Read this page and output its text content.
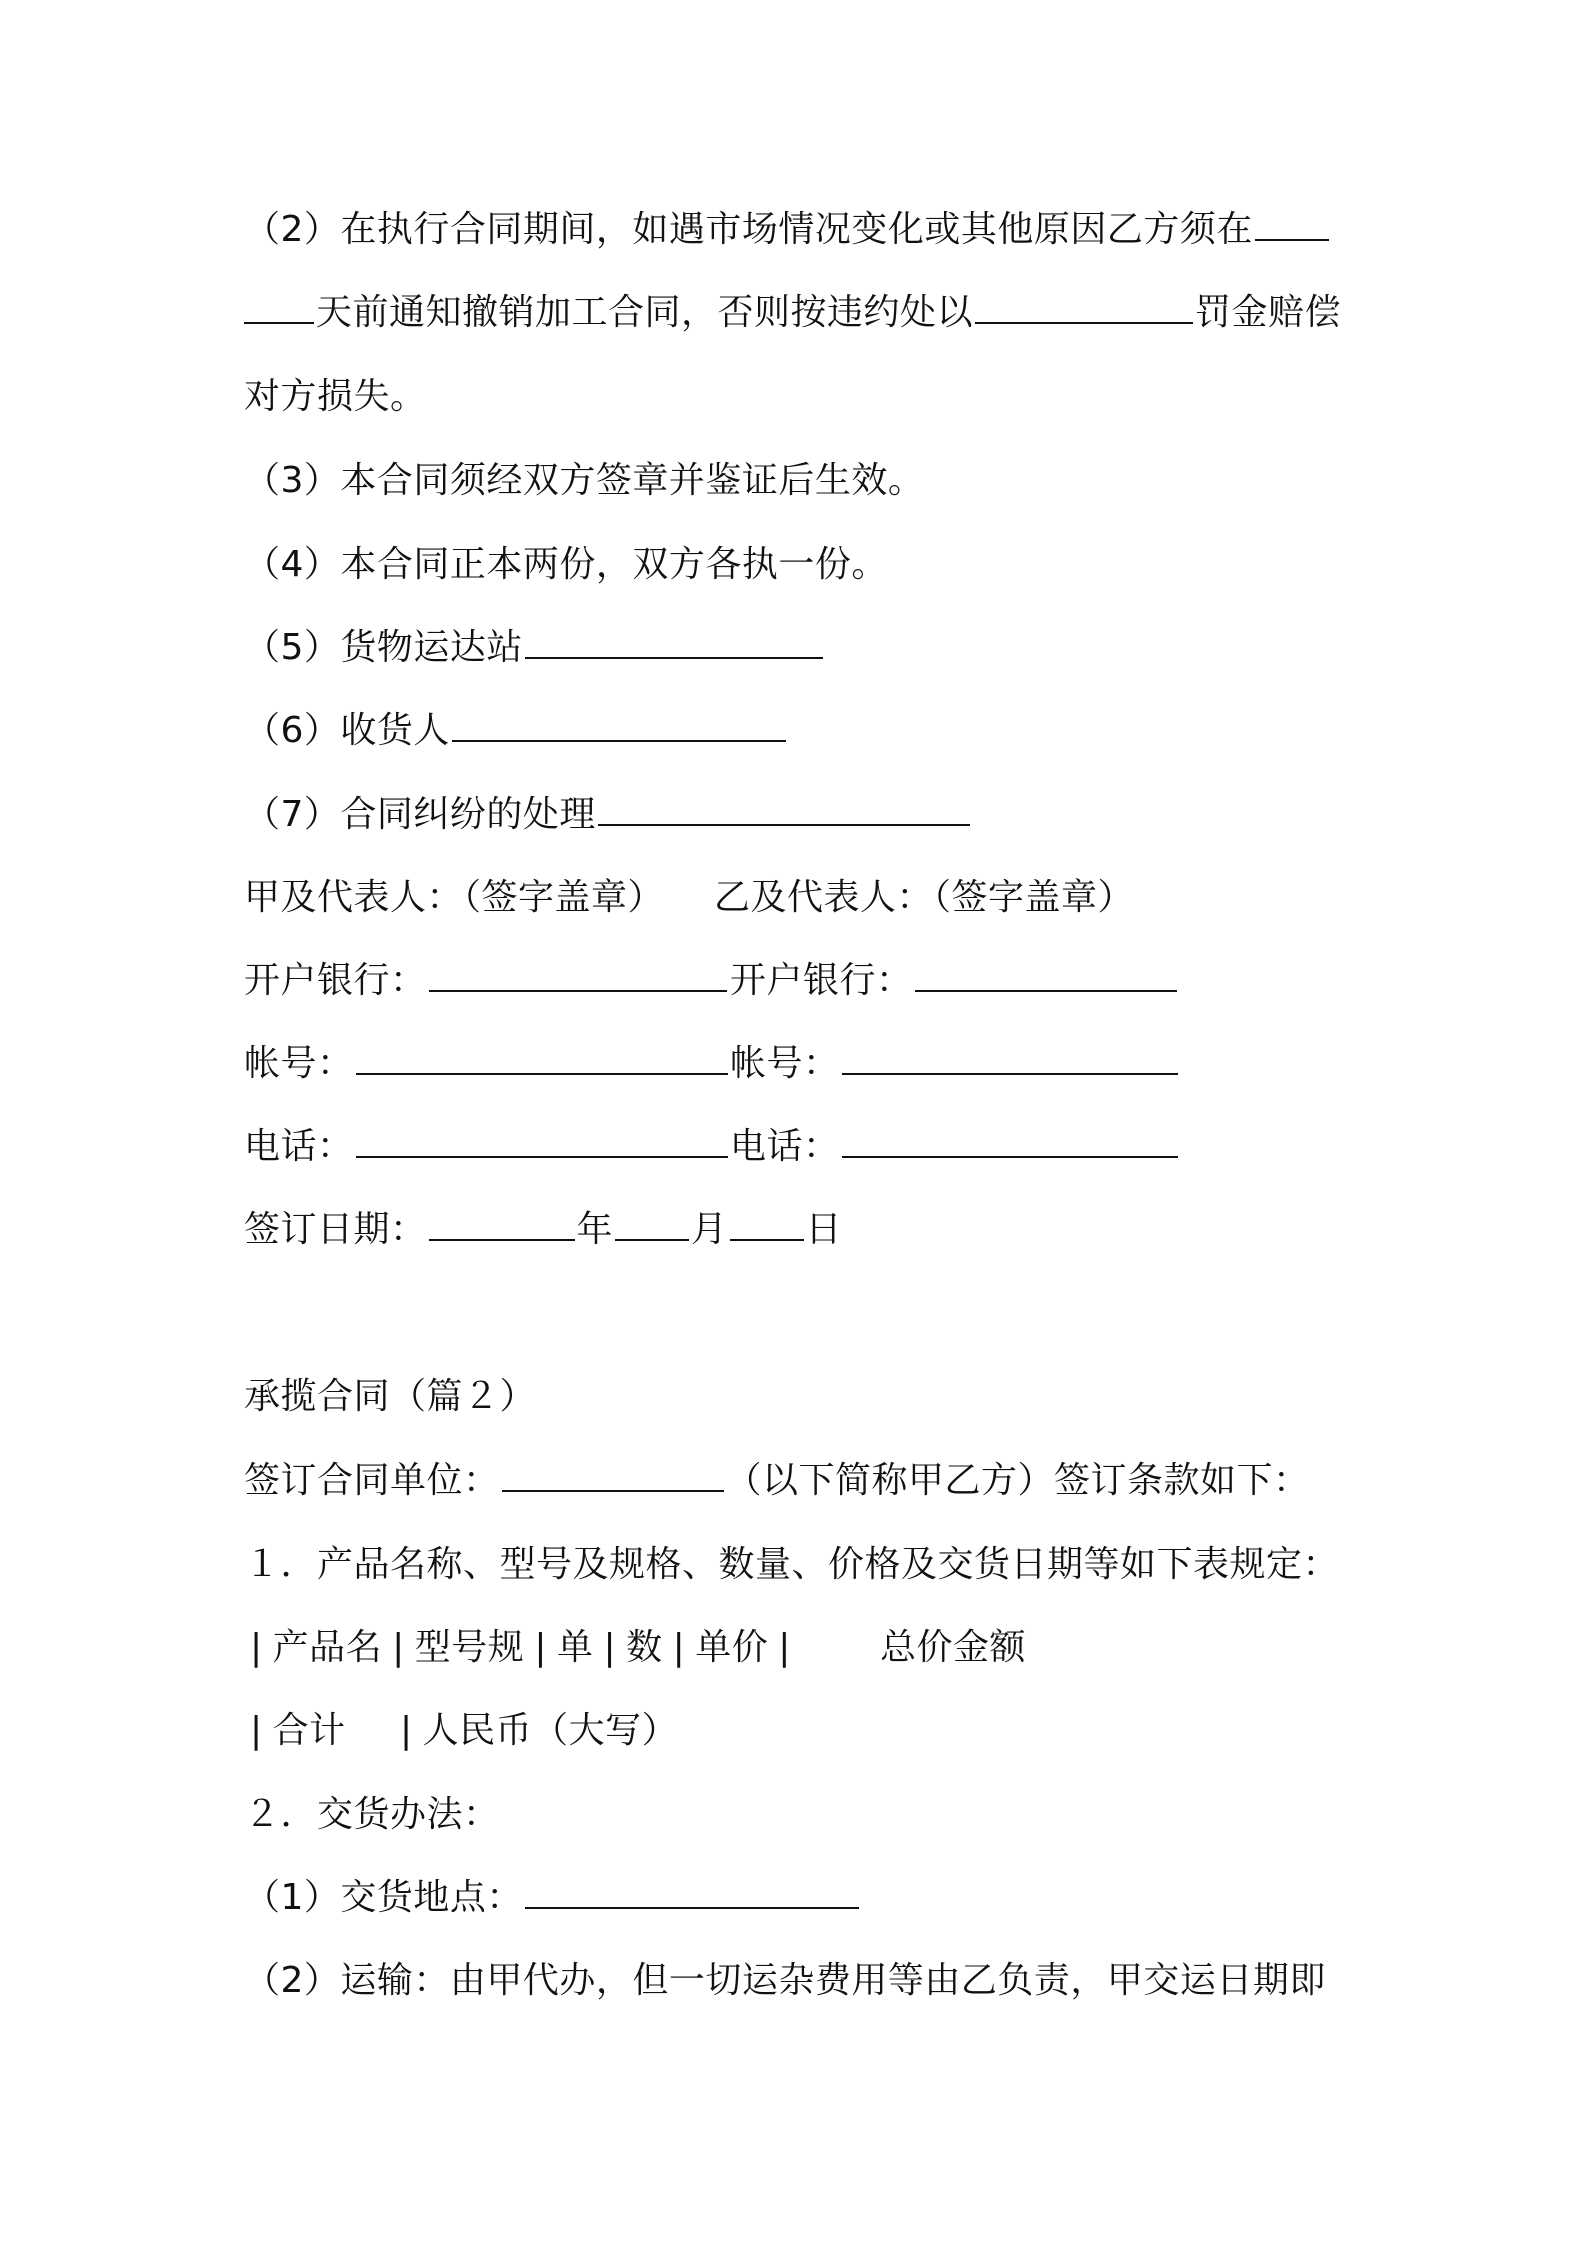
（2）在执行合同期间，如遇市场情况变化或其他原因乙方须在
天前通知撤销加工合同，否则按违约处以	罚金赔偿
对方损失。
（3）本合同须经双方签章并鉴证后生效。
（4）本合同正本两份，双方各执一份。
（5）货物运达站
（6）收货人
（7）合同纠纷的处理
甲及代表人：（签字盖章） 乙及代表人：（签字盖章）
开户银行：	开户银行：
帐号：	帐号：
电话：	电话：
签订日期：	年 月 日
承揽合同（篇２）
签订合同单位：	（以下简称甲乙方）签订条款如下：
１．产品名称、型号及规格、数量、价格及交货日期等如下表规定：
| 产品名 | 型号规 | 单 | 数 | 单价 | 总价金额
| 合计 | 人民币（大写）
２．交货办法：
（1）交货地点：
（2）运输：由甲代办，但一切运杂费用等由乙负责，甲交运日期即
